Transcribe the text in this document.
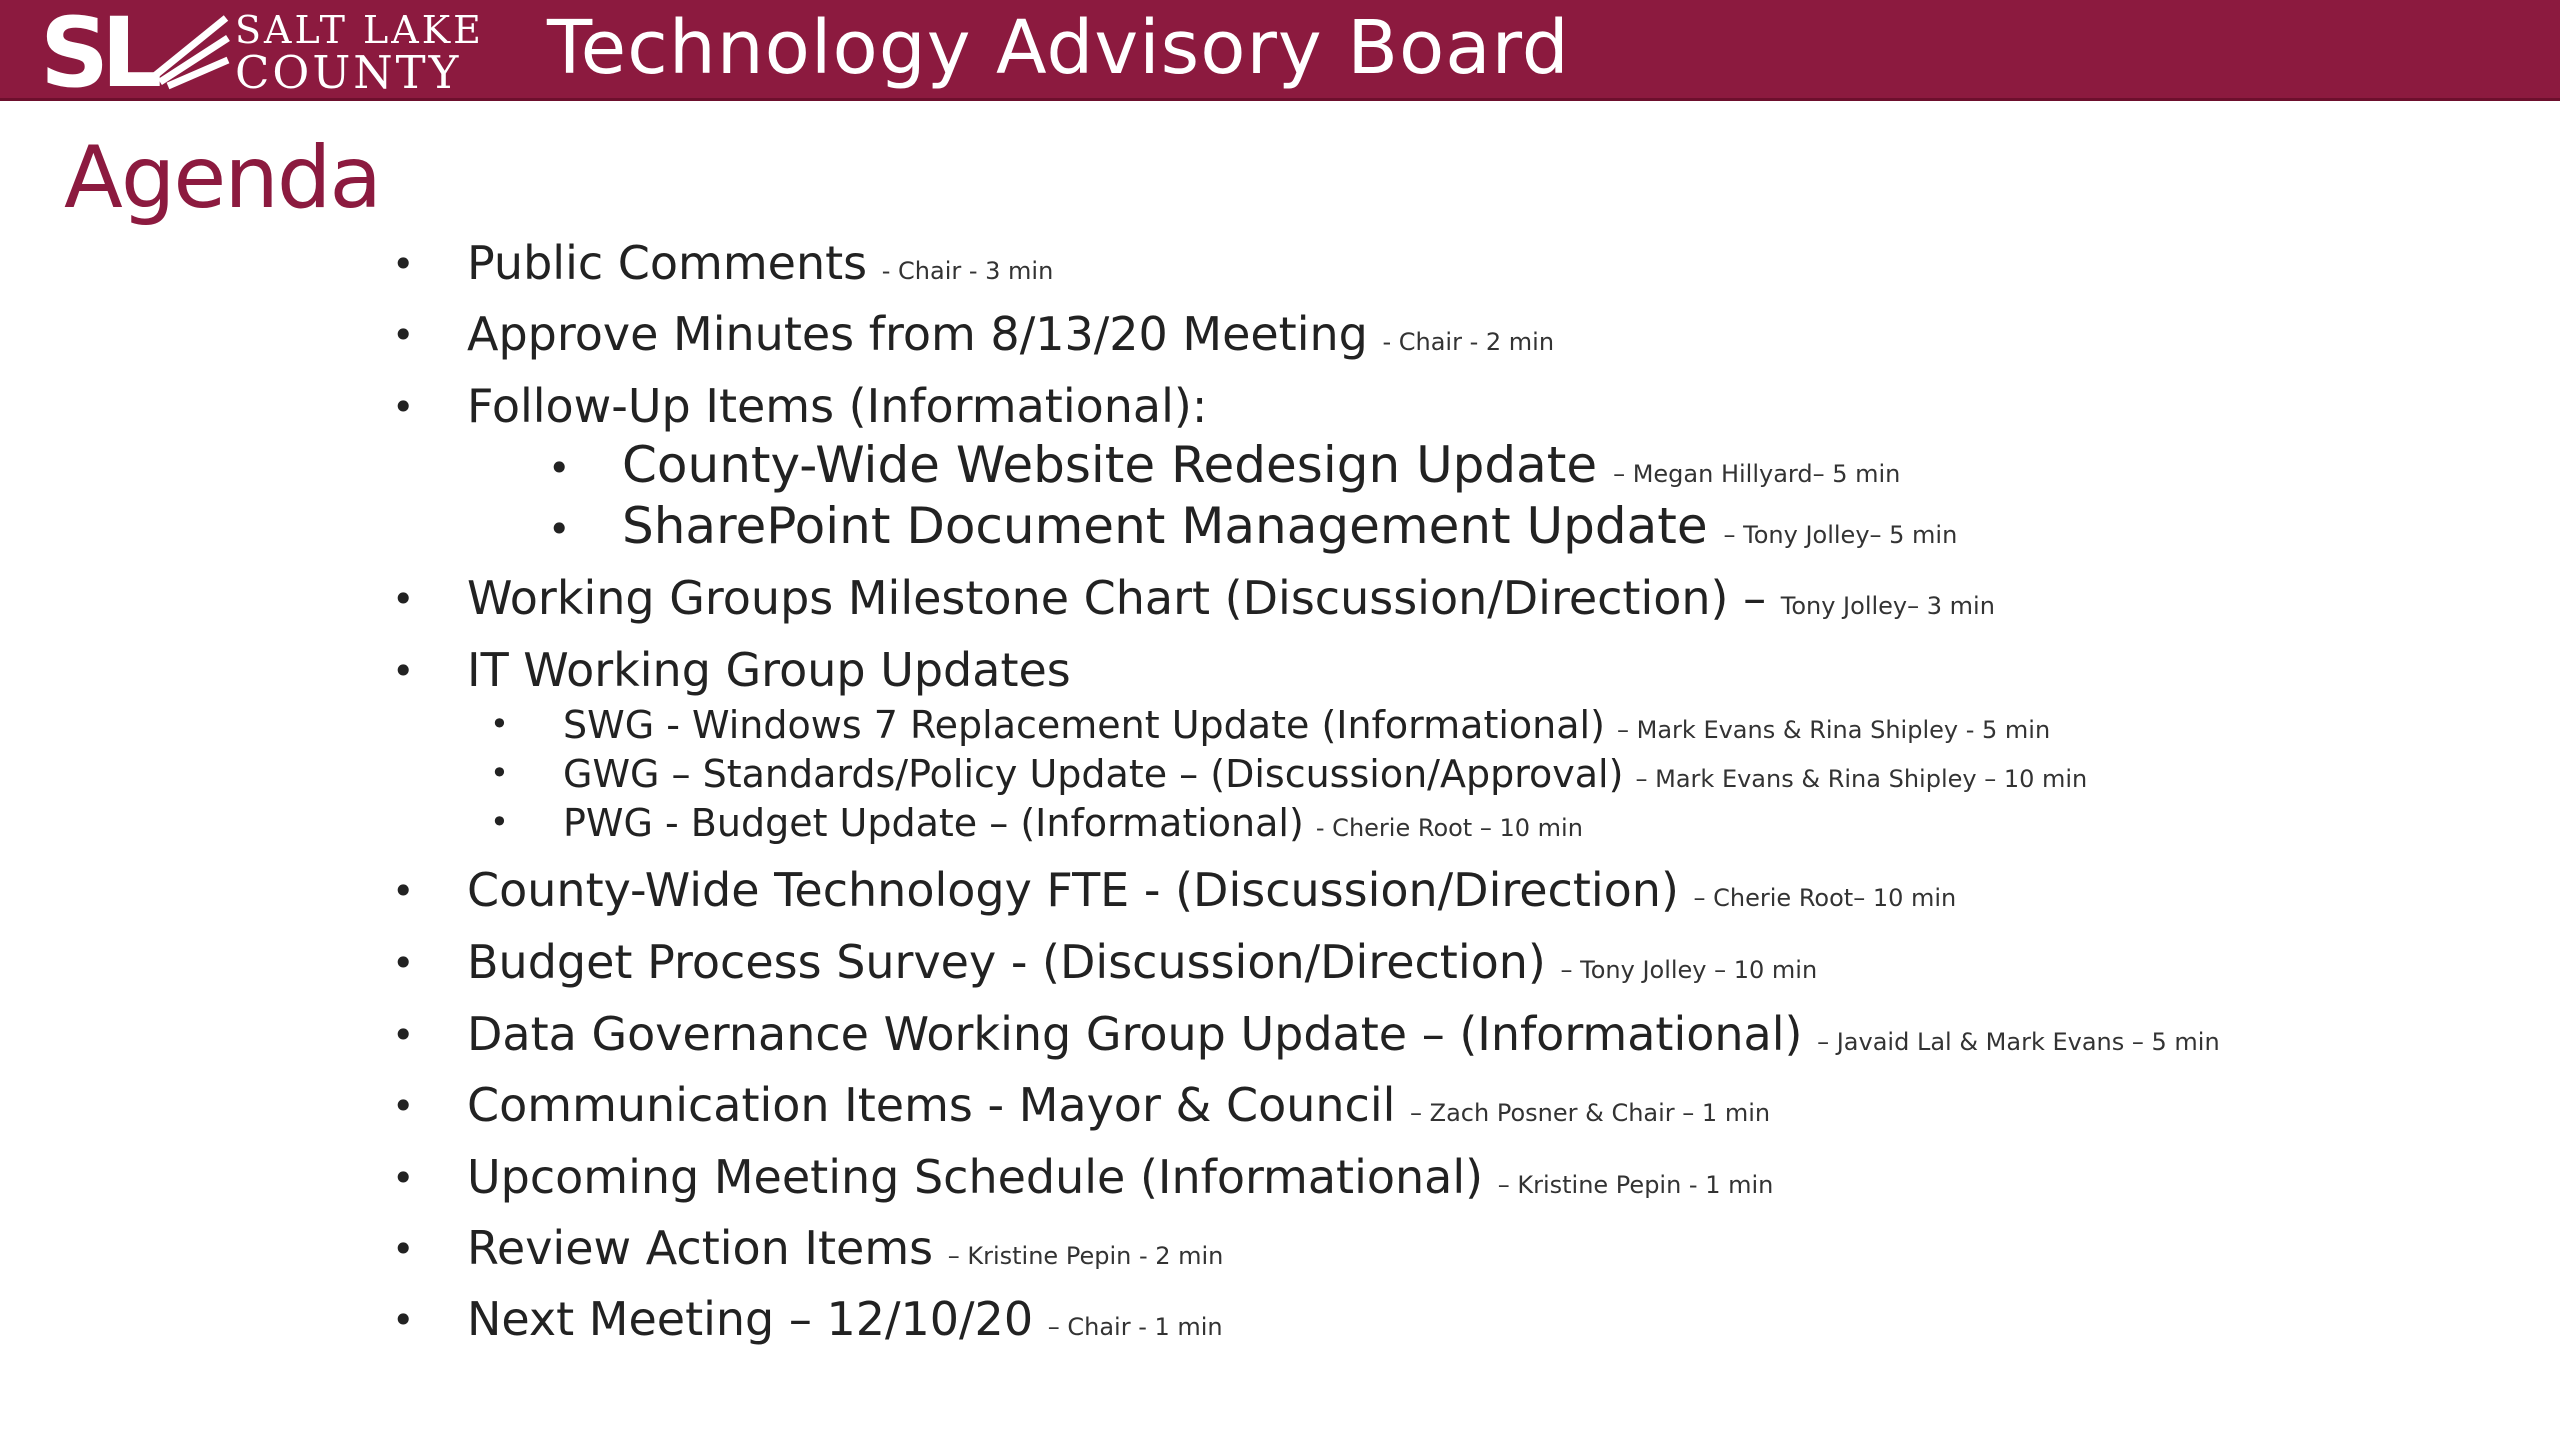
SL SALT LAKE
COUNTY Technology Advisory Board
Agenda
• Public Comments - Chair - 3 min
• Approve Minutes from 8/13/20 Meeting - Chair - 2 min
• Follow-Up Items (Informational):
• County-Wide Website Redesign Update – Megan Hillyard– 5 min
• SharePoint Document Management Update – Tony Jolley– 5 min
• Working Groups Milestone Chart (Discussion/Direction) – Tony Jolley– 3 min
• IT Working Group Updates
• SWG - Windows 7 Replacement Update (Informational) – Mark Evans & Rina Shipley - 5 min
• GWG – Standards/Policy Update – (Discussion/Approval) – Mark Evans & Rina Shipley – 10 min
• PWG - Budget Update – (Informational) - Cherie Root – 10 min
• County-Wide Technology FTE - (Discussion/Direction) – Cherie Root– 10 min
• Budget Process Survey - (Discussion/Direction) – Tony Jolley – 10 min
• Data Governance Working Group Update – (Informational) – Javaid Lal & Mark Evans – 5 min
• Communication Items - Mayor & Council – Zach Posner & Chair – 1 min
• Upcoming Meeting Schedule (Informational) – Kristine Pepin - 1 min
• Review Action Items – Kristine Pepin - 2 min
• Next Meeting – 12/10/20 – Chair - 1 min
